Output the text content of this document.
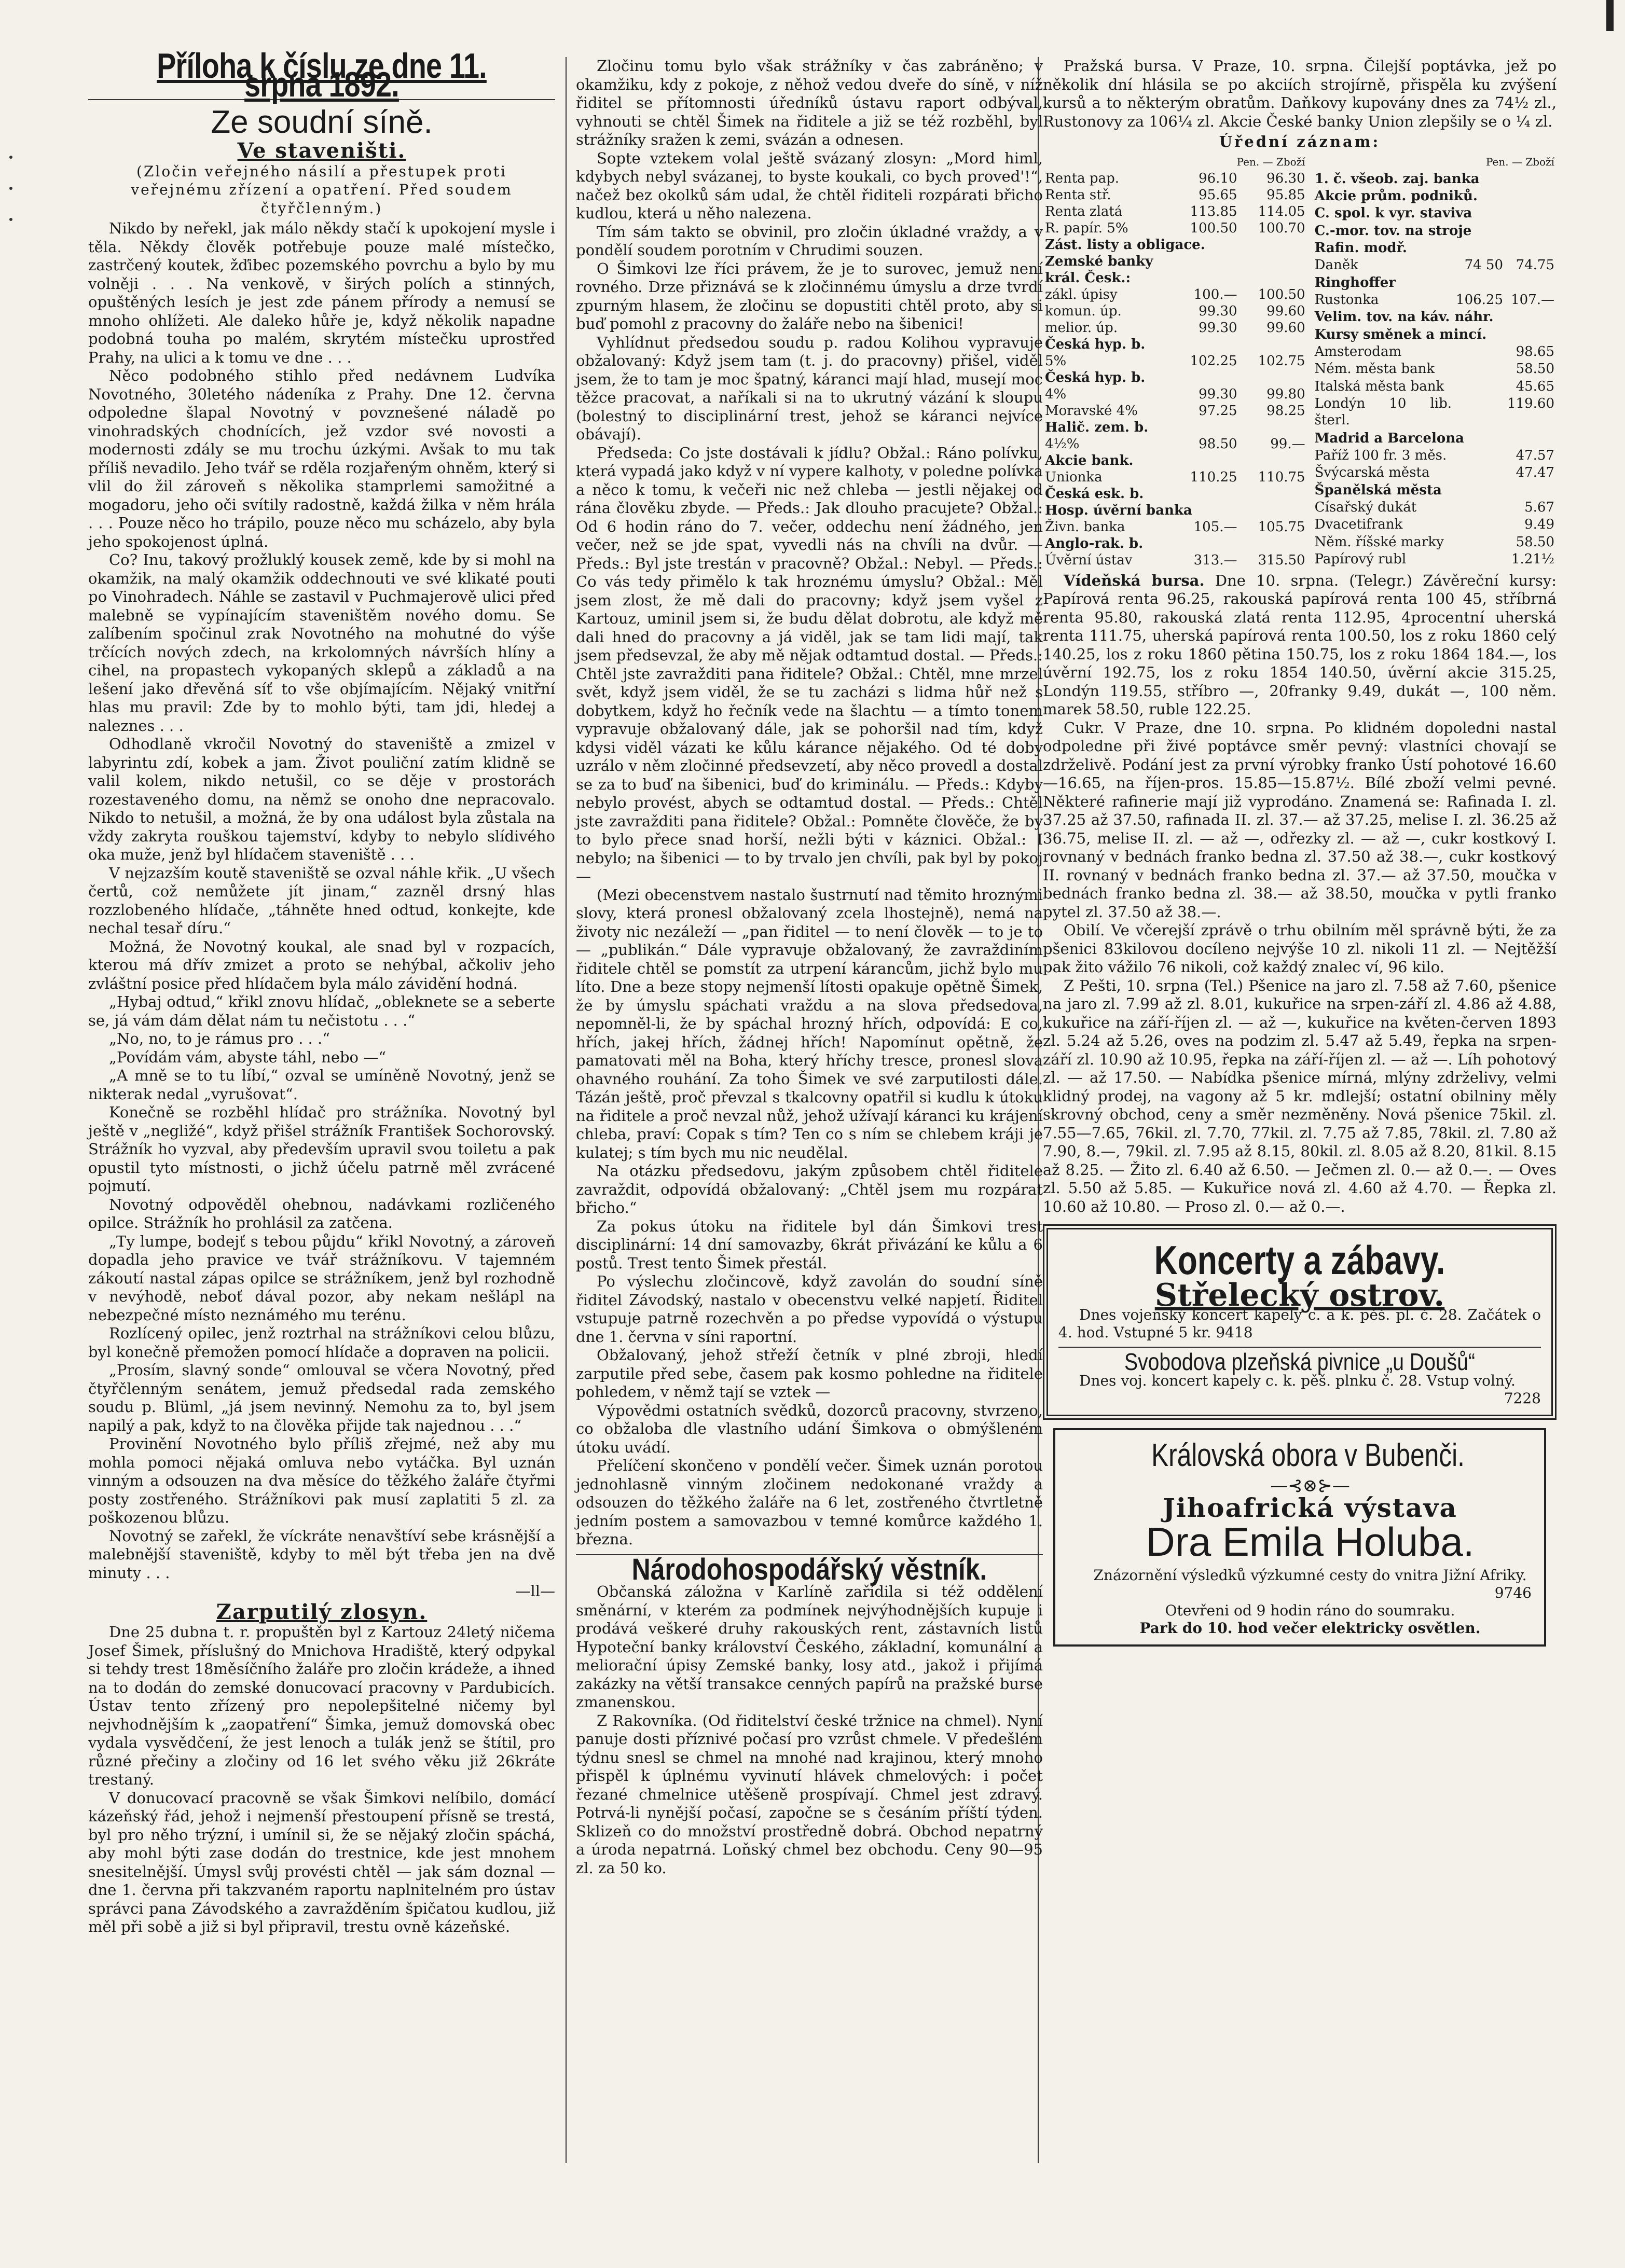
Příloha k číslu ze dne 11. srpna 1892.
Ze soudní síně.
Ve staveništi.
(Zločin veřejného násilí a přestupek proti veřejnému zřízení a opatření. Před soudem čtyřčlenným.)

Nikdo by neřekl, jak málo někdy stačí k upokojení mysle i těla. Někdy člověk potřebuje pouze malé místečko, zastrčený koutek, žďibec pozemského povrchu a bylo by mu volněji . . . Na venkově, v širých polích a stinných, opuštěných lesích je jest zde pánem přírody a nemusí se mnoho ohlížeti. Ale daleko hůře je, když několik napadne podobná touha po malém, skrytém místečku uprostřed Prahy, na ulici a k tomu ve dne . . .

Něco podobného stihlo před nedávnem Ludvíka Novotného, 30letého nádeníka z Prahy. Dne 12. června odpoledne šlapal Novotný v povznešené náladě po vinohradských chodnících, jež vzdor své novosti a modernosti zdály se mu trochu úzkými. Avšak to mu tak příliš nevadilo. Jeho tvář se rděla rozjařeným ohněm, který si vlil do žil zároveň s několika stamprlemi samožitné a mogadoru, jeho oči svítily radostně, každá žilka v něm hrála . . . Pouze něco ho trápilo, pouze něco mu scházelo, aby byla jeho spokojenost úplná.

Co? Inu, takový prožluklý kousek země, kde by si mohl na okamžik, na malý okamžik oddechnouti ve své klikaté pouti po Vinohradech. Náhle se zastavil v Puchmajerově ulici před malebně se vypínajícím staveništěm nového domu. Se zalíbením spočinul zrak Novotného na mohutné do výše trčících nových zdech, na krkolomných návrších hlíny a cihel, na propastech vykopaných sklepů a základů a na lešení jako dřevěná síť to vše objímajícím. Nějaký vnitřní hlas mu pravil: Zde by to mohlo býti, tam jdi, hledej a naleznes . . .

Odhodlaně vkročil Novotný do staveniště a zmizel v labyrintu zdí, kobek a jam. Život pouliční zatím klidně se valil kolem, nikdo netušil, co se děje v prostorách rozestaveného domu, na němž se onoho dne nepracovalo. Nikdo to netušil, a možná, že by ona událost byla zůstala na vždy zakryta rouškou tajemství, kdyby to nebylo slídivého oka muže, jenž byl hlídačem staveniště . . .

V nejzazším koutě staveniště se ozval náhle křik. „U všech čertů, což nemůžete jít jinam,“ zazněl drsný hlas rozzlobeného hlídače, „táhněte hned odtud, konkejte, kde nechal tesař díru.“

Možná, že Novotný koukal, ale snad byl v rozpacích, kterou má dřív zmizet a proto se nehýbal, ačkoliv jeho zvláštní posice před hlídačem byla málo závidění hodná.

„Hybaj odtud,“ křikl znovu hlídač, „obleknete se a seberte se, já vám dám dělat nám tu nečistotu . . .“

„No, no, to je rámus pro . . .“

„Povídám vám, abyste táhl, nebo —“

„A mně se to tu líbí,“ ozval se umíněně Novotný, jenž se nikterak nedal „vyrušovat“.

Konečně se rozběhl hlídač pro strážníka. Novotný byl ještě v „negližé“, když přišel strážník František Sochorovský. Strážník ho vyzval, aby především upravil svou toiletu a pak opustil tyto místnosti, o jichž účelu patrně měl zvrácené pojmutí.

Novotný odpověděl ohebnou, nadávkami rozličeného opilce. Strážník ho prohlásil za zatčena.

„Ty lumpe, bodejť s tebou půjdu“ křikl Novotný, a zároveň dopadla jeho pravice ve tvář strážníkovu. V tajemném zákoutí nastal zápas opilce se strážníkem, jenž byl rozhodně v nevýhodě, neboť dával pozor, aby nekam nešlápl na nebezpečné místo neznámého mu terénu.

Rozlícený opilec, jenž roztrhal na strážníkovi celou blůzu, byl konečně přemožen pomocí hlídače a dopraven na policii.

„Prosím, slavný sonde“ omlouval se včera Novotný, před čtyřčlenným senátem, jemuž předsedal rada zemského soudu p. Blüml, „já jsem nevinný. Nemohu za to, byl jsem napilý a pak, když to na člověka přijde tak najednou . . .“

Provinění Novotného bylo příliš zřejmé, než aby mu mohla pomoci nějaká omluva nebo vytáčka. Byl uznán vinným a odsouzen na dva měsíce do těžkého žaláře čtyřmi posty zostřeného. Strážníkovi pak musí zaplatiti 5 zl. za poškozenou blůzu.

Novotný se zařekl, že víckráte nenavštíví sebe krásnější a malebnější staveniště, kdyby to měl být třeba jen na dvě minuty . . .

—ll—

Zarputilý zlosyn.

Dne 25 dubna t. r. propuštěn byl z Kartouz 24letý ničema Josef Šimek, příslušný do Mnichova Hradiště, který odpykal si tehdy trest 18měsíčního žaláře pro zločin krádeže, a ihned na to dodán do zemské donucovací pracovny v Pardubicích. Ústav tento zřízený pro nepolepšitelné ničemy byl nejvhodnějším k „zaopatření“ Šimka, jemuž domovská obec vydala vysvědčení, že jest lenoch a tulák jenž se štítil, pro různé přečiny a zločiny od 16 let svého věku již 26kráte trestaný.

V donucovací pracovně se však Šimkovi nelíbilo, domácí kázeňský řád, jehož i nejmenší přestoupení přísně se trestá, byl pro něho trýzní, i umínil si, že se nějaký zločin spáchá, aby mohl býti zase dodán do trestnice, kde jest mnohem snesitelnější. Úmysl svůj provésti chtěl — jak sám doznal — dne 1. června při takzvaném raportu naplnitelném pro ústav správci pana Závodského a zavražděním špičatou kudlou, již měl při sobě a již si byl připravil, trestu ovně kázeňské.

Zločinu tomu bylo však strážníky v čas zabráněno; v okamžiku, kdy z pokoje, z něhož vedou dveře do síně, v níž řiditel se přítomnosti úředníků ústavu raport odbýval, vyhnouti se chtěl Šimek na řiditele a již se též rozběhl, byl strážníky sražen k zemi, svázán a odnesen.

Sopte vztekem volal ještě svázaný zlosyn: „Mord himl, kdybych nebyl svázanej, to byste koukali, co bych proved'!“, načež bez okolků sám udal, že chtěl řiditeli rozpárati břicho kudlou, která u něho nalezena.

Tím sám takto se obvinil, pro zločin úkladné vraždy, a v pondělí soudem porotním v Chrudimi souzen.

O Šimkovi lze říci právem, že je to surovec, jemuž není rovného. Drze přiznává se k zločinnému úmyslu a drze tvrdí zpurným hlasem, že zločinu se dopustiti chtěl proto, aby si buď pomohl z pracovny do žaláře nebo na šibenici!

Vyhlídnut předsedou soudu p. radou Kolihou vypravuje obžalovaný: Když jsem tam (t. j. do pracovny) přišel, viděl jsem, že to tam je moc špatný, káranci mají hlad, musejí moc těžce pracovat, a naříkali si na to ukrutný vázání k sloupu (bolestný to disciplinární trest, jehož se káranci nejvíce obávají).

Předseda: Co jste dostávali k jídlu? Obžal.: Ráno polívku, která vypadá jako když v ní vypere kalhoty, v poledne polívka a něco k tomu, k večeři nic než chleba — jestli nějakej od rána člověku zbyde. — Předs.: Jak dlouho pracujete? Obžal.: Od 6 hodin ráno do 7. večer, oddechu není žádného, jen večer, než se jde spat, vyvedli nás na chvíli na dvůr. — Předs.: Byl jste trestán v pracovně? Obžal.: Nebyl. — Předs.: Co vás tedy přimělo k tak hroznému úmyslu? Obžal.: Měl jsem zlost, že mě dali do pracovny; když jsem vyšel z Kartouz, uminil jsem si, že budu dělat dobrotu, ale když mě dali hned do pracovny a já viděl, jak se tam lidi mají, tak jsem předsevzal, že aby mě nějak odtamtud dostal. — Předs.: Chtěl jste zavražditi pana řiditele? Obžal.: Chtěl, mne mrzel svět, když jsem viděl, že se tu zacházi s lidma hůř než s dobytkem, když ho řečník vede na šlachtu — a tímto tonem vypravuje obžalovaný dále, jak se pohoršil nad tím, když kdysi viděl vázati ke kůlu kárance nějakého. Od té doby uzrálo v něm zločinné předsevzetí, aby něco provedl a dostal se za to buď na šibenici, buď do kriminálu. — Předs.: Kdyby nebylo provést, abych se odtamtud dostal. — Předs.: Chtěl jste zavražditi pana řiditele? Obžal.: Pomněte člověče, že by to bylo přece snad horší, nežli býti v káznici. Obžal.: I nebylo; na šibenici — to by trvalo jen chvíli, pak byl by pokoj —

(Mezi obecenstvem nastalo šustrnutí nad těmito hroznými slovy, která pronesl obžalovaný zcela lhostejně), nemá na životy nic nezáleží — „pan řiditel — to není člověk — to je to — „publikán.“ Dále vypravuje obžalovaný, že zavraždiním řiditele chtěl se pomstít za utrpení kárancům, jichž bylo mu líto. Dne a beze stopy nejmenší lítosti opakuje opětně Šimek, že by úmyslu spáchati vraždu a na slova předsedova, nepomněl-li, že by spáchal hrozný hřích, odpovídá: E co, hřích, jakej hřích, žádnej hřích! Napomínut opětně, že pamatovati měl na Boha, který hříchy tresce, pronesl slova ohavného rouhání. Za toho Šimek ve své zarputilosti dále. Tázán ještě, proč převzal s tkalcovny opatřil si kudlu k útoku na řiditele a proč nevzal nůž, jehož užívají káranci ku krájení chleba, praví: Copak s tím? Ten co s ním se chlebem kráji je kulatej; s tím bych mu nic neudělal.

Na otázku předsedovu, jakým způsobem chtěl řiditele zavraždit, odpovídá obžalovaný: „Chtěl jsem mu rozpárat břicho.“

Za pokus útoku na řiditele byl dán Šimkovi trest disciplinární: 14 dní samovazby, 6krát přivázání ke kůlu a 6 postů. Trest tento Šimek přestál.

Po výslechu zločincově, když zavolán do soudní síně řiditel Závodský, nastalo v obecenstvu velké napjetí. Řiditel vstupuje patrně rozechvěn a po předse vypovídá o výstupu dne 1. června v síni raportní.

Obžalovaný, jehož střeží četník v plné zbroji, hledí zarputile před sebe, časem pak kosmo pohledne na řiditele pohledem, v němž tají se vztek —

Výpovědmi ostatních svědků, dozorců pracovny, stvrzeno, co obžaloba dle vlastního udání Šimkova o obmýšleném útoku uvádí.

Přelíčení skončeno v pondělí večer. Šimek uznán porotou jednohlasně vinným zločinem nedokonané vraždy a odsouzen do těžkého žaláře na 6 let, zostřeného čtvrtletně jedním postem a samovazbou v temné komůrce každého 1. března.

Národohospodářský věstník.

Občanská záložna v Karlíně zařídila si též oddělení směnární, v kterém za podmínek nejvýhodnějších kupuje i prodává veškeré druhy rakouských rent, zástavních listů Hypoteční banky království Českého, základní, komunální a meliorační úpisy Zemské banky, losy atd., jakož i přijímá zakázky na větší transakce cenných papírů na pražské burse zmanenskou.

Z Rakovníka. (Od řiditelství české tržnice na chmel). Nyní panuje dosti příznivé počasí pro vzrůst chmele. V předešlém týdnu snesl se chmel na mnohé nad krajinou, který mnoho přispěl k úplnému vyvinutí hlávek chmelových: i počet řezané chmelnice utěšeně prospívají. Chmel jest zdravý. Potrvá-li nynější počasí, započne se s česáním příští týden. Sklizeň co do množství prostředně dobrá. Obchod nepatrný a úroda nepatrná. Loňský chmel bez obchodu. Ceny 90—95 zl. za 50 ko.

Pražská bursa. V Praze, 10. srpna. Čilejší poptávka, jež po několik dní hlásila se po akciích strojírně, přispěla ku zvýšení kursů a to některým obratům. Daňkovy kupovány dnes za 74½ zl., Rustonovy za 106¼ zl. Akcie České banky Union zlepšily se o ¼ zl.

Úřední záznam:
	Pen. — Zboží	
Renta pap.	96.10	96.30
Renta stř.	95.65	95.85
Renta zlatá	113.85	114.05
R. papír. 5%	100.50	100.70
Zást. listy a obligace.		
Zemské banky		
král. Česk.:		
zákl. úpisy	100.—	100.50
komun. úp.	99.30	99.60
melior. úp.	99.30	99.60
Česká hyp. b.		
5%	102.25	102.75
Česká hyp. b.		
4%	99.30	99.80
Moravské 4%	97.25	98.25
Halič. zem. b.		
4½%	98.50	99.—
Akcie bank.		
Unionka	110.25	110.75
Česká esk. b.		
Hosp. úvěrní banka		
Živn. banka	105.—	105.75
Anglo-rak. b.		
Úvěrní ústav	313.—	315.50
	Pen. — Zboží	
1. č. všeob. zaj. banka		
Akcie prům. podniků.		
C. spol. k vyr. staviva		
C.-mor. tov. na stroje		
Rafin. modř.		
Daněk	74 50	74.75
Ringhoffer		
Rustonka	106.25	107.—
Velim. tov. na káv. náhr.		
Kursy směnek a mincí.		
Amsterodam		98.65
Ném. města bank		58.50
Italská města bank		45.65
Londýn 10 lib. šterl.		119.60
Madrid a Barcelona		
Paříž 100 fr. 3 měs.		47.57
Švýcarská města		47.47
Španělská města		
Císařský dukát		5.67
Dvacetifrank		9.49
Něm. říšské marky		58.50
Papírový rubl		1.21½

Vídeňská bursa. Dne 10. srpna. (Telegr.) Závěreční kursy: Papírová renta 96.25, rakouská papírová renta 100 45, stříbrná renta 95.80, rakouská zlatá renta 112.95, 4procentní uherská renta 111.75, uherská papírová renta 100.50, los z roku 1860 celý 140.25, los z roku 1860 pětina 150.75, los z roku 1864 184.—, los úvěrní 192.75, los z roku 1854 140.50, úvěrní akcie 315.25, Londýn 119.55, stříbro —, 20franky 9.49, dukát —, 100 něm. marek 58.50, ruble 122.25.

Cukr. V Praze, dne 10. srpna. Po klidném dopoledni nastal odpoledne při živé poptávce směr pevný: vlastníci chovají se zdrželivě. Podání jest za první výrobky franko Ústí pohotové 16.60—16.65, na říjen-pros. 15.85—15.87½. Bílé zboží velmi pevné. Některé rafinerie mají již vyprodáno. Znamená se: Rafinada I. zl. 37.25 až 37.50, rafinada II. zl. 37.— až 37.25, melise I. zl. 36.25 až 36.75, melise II. zl. — až —, odřezky zl. — až —, cukr kostkový I. rovnaný v bednách franko bedna zl. 37.50 až 38.—, cukr kostkový II. rovnaný v bednách franko bedna zl. 37.— až 37.50, moučka v bednách franko bedna zl. 38.— až 38.50, moučka v pytli franko pytel zl. 37.50 až 38.—.

Obilí. Ve včerejší zprávě o trhu obilním měl správně býti, že za pšenici 83kilovou docíleno nejvýše 10 zl. nikoli 11 zl. — Nejtěžší pak žito vážilo 76 nikoli, což každý znalec ví, 96 kilo.

Z Pešti, 10. srpna (Tel.) Pšenice na jaro zl. 7.58 až 7.60, pšenice na jaro zl. 7.99 až zl. 8.01, kukuřice na srpen-září zl. 4.86 až 4.88, kukuřice na září-říjen zl. — až —, kukuřice na květen-červen 1893 zl. 5.24 až 5.26, oves na podzim zl. 5.47 až 5.49, řepka na srpen-září zl. 10.90 až 10.95, řepka na září-říjen zl. — až —. Líh pohotový zl. — až 17.50. — Nabídka pšenice mírná, mlýny zdrželivy, velmi klidný prodej, na vagony až 5 kr. mdlejší; ostatní obilniny měly skrovný obchod, ceny a směr nezměněny. Nová pšenice 75kil. zl. 7.55—7.65, 76kil. zl. 7.70, 77kil. zl. 7.75 až 7.85, 78kil. zl. 7.80 až 7.90, 8.—, 79kil. zl. 7.95 až 8.15, 80kil. zl. 8.05 až 8.20, 81kil. 8.15 až 8.25. — Žito zl. 6.40 až 6.50. — Ječmen zl. 0.— až 0.—. — Oves zl. 5.50 až 5.85. — Kukuřice nová zl. 4.60 až 4.70. — Řepka zl. 10.60 až 10.80. — Proso zl. 0.— až 0.—.

Koncerty a zábavy.
Střelecký ostrov.

Dnes vojenský koncert kapely c. a k. pěš. pl. č. 28. Začátek o 4. hod. Vstupné 5 kr. 9418

Svobodova plzeňská pivnice „u Doušů“

Dnes voj. koncert kapely c. k. pěš. plnku č. 28. Vstup volný.

7228

Královská obora v Bubenči.

—⊰⊗⊱—

Jihoafrická výstava

Dra Emila Holuba.

Znázornění výsledků výzkumné cesty do vnitra Jižní Afriky.

9746

Otevřeni od 9 hodin ráno do soumraku.

Park do 10. hod večer elektricky osvětlen.
